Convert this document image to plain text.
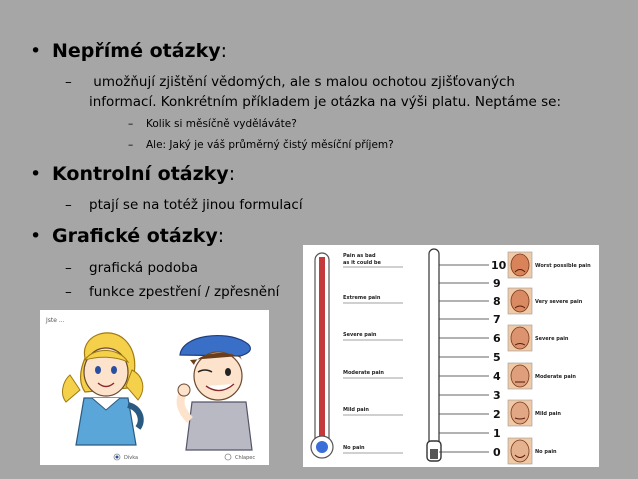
• Nepřímé otázky:
– umožňují zjištění vědomých, ale s malou ochotou zjišťovaných
informací. Konkrétním příkladem je otázka na výši platu. Neptáme se:
– Kolik si měsíčně vyděláváte?
– Ale: Jaký je váš průměrný čistý měsíční příjem?
• Kontrolní otázky:
– ptají se na totéž jinou formulací
• Grafické otázky:
– grafická podoba
– funkce zpestření / zpřesnění
Jste ...
Dívka	Chlapec
Pain as bad
as it could be
Extreme pain
Severe pain
Moderate pain
Mild pain
No pain
10
9
8
7
6
5
4
3
2
1
0
Worst possible pain
Very severe pain
Severe pain
Moderate pain
Mild pain
No pain
